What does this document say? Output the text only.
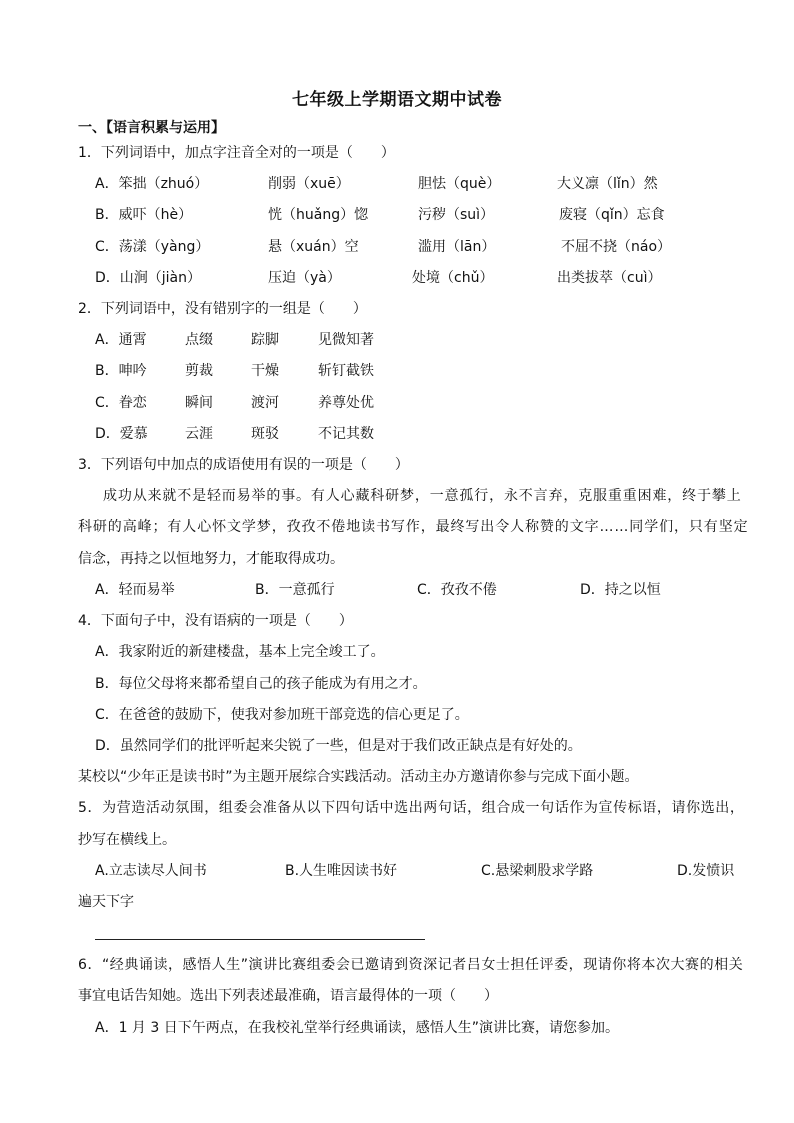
七年级上学期语文期中试卷
一、【语言积累与运用】
1．下列词语中，加点字注音全对的一项是（　　）
A．笨拙（zhuó）	削弱（xuē）	胆怯（què）	大义凛（lǐn）然
B．威吓（hè）	恍（huǎng）惚	污秽（suì）	废寝（qǐn）忘食
C．荡漾（yàng）	悬（xuán）空	滥用（lān）	不屈不挠（náo）
D．山涧（jiàn）	压迫（yà）	处境（chǔ）	出类拔萃（cuì）
2．下列词语中，没有错别字的一组是（　　）
A．通霄	点缀	踪脚	见微知著
B．呻吟	剪裁	干燥	斩钉截铁
C．眷恋	瞬间	渡河	养尊处优
D．爱慕	云涯	斑驳	不记其数
3．下列语句中加点的成语使用有误的一项是（　　）
成功从来就不是轻而易举的事。有人心藏科研梦，一意孤行，永不言弃，克服重重困难，终于攀上
科研的高峰；有人心怀文学梦，孜孜不倦地读书写作，最终写出令人称赞的文字……同学们，只有坚定
信念，再持之以恒地努力，才能取得成功。
A．轻而易举	B．一意孤行	C．孜孜不倦	D．持之以恒
4．下面句子中，没有语病的一项是（　　）
A．我家附近的新建楼盘，基本上完全竣工了。
B．每位父母将来都希望自己的孩子能成为有用之才。
C．在爸爸的鼓励下，使我对参加班干部竞选的信心更足了。
D．虽然同学们的批评听起来尖锐了一些，但是对于我们改正缺点是有好处的。
某校以“少年正是读书时”为主题开展综合实践活动。活动主办方邀请你参与完成下面小题。
5．为营造活动氛围，组委会准备从以下四句话中选出两句话，组合成一句话作为宣传标语，请你选出，
抄写在横线上。
A.立志读尽人间书	B.人生唯因读书好	C.悬梁刺股求学路	D.发愤识
遍天下字
6．“经典诵读，感悟人生”演讲比赛组委会已邀请到资深记者吕女士担任评委，现请你将本次大赛的相关
事宜电话告知她。选出下列表述最准确，语言最得体的一项（　　）
A．1 月 3 日下午两点，在我校礼堂举行经典诵读，感悟人生”演讲比赛，请您参加。
